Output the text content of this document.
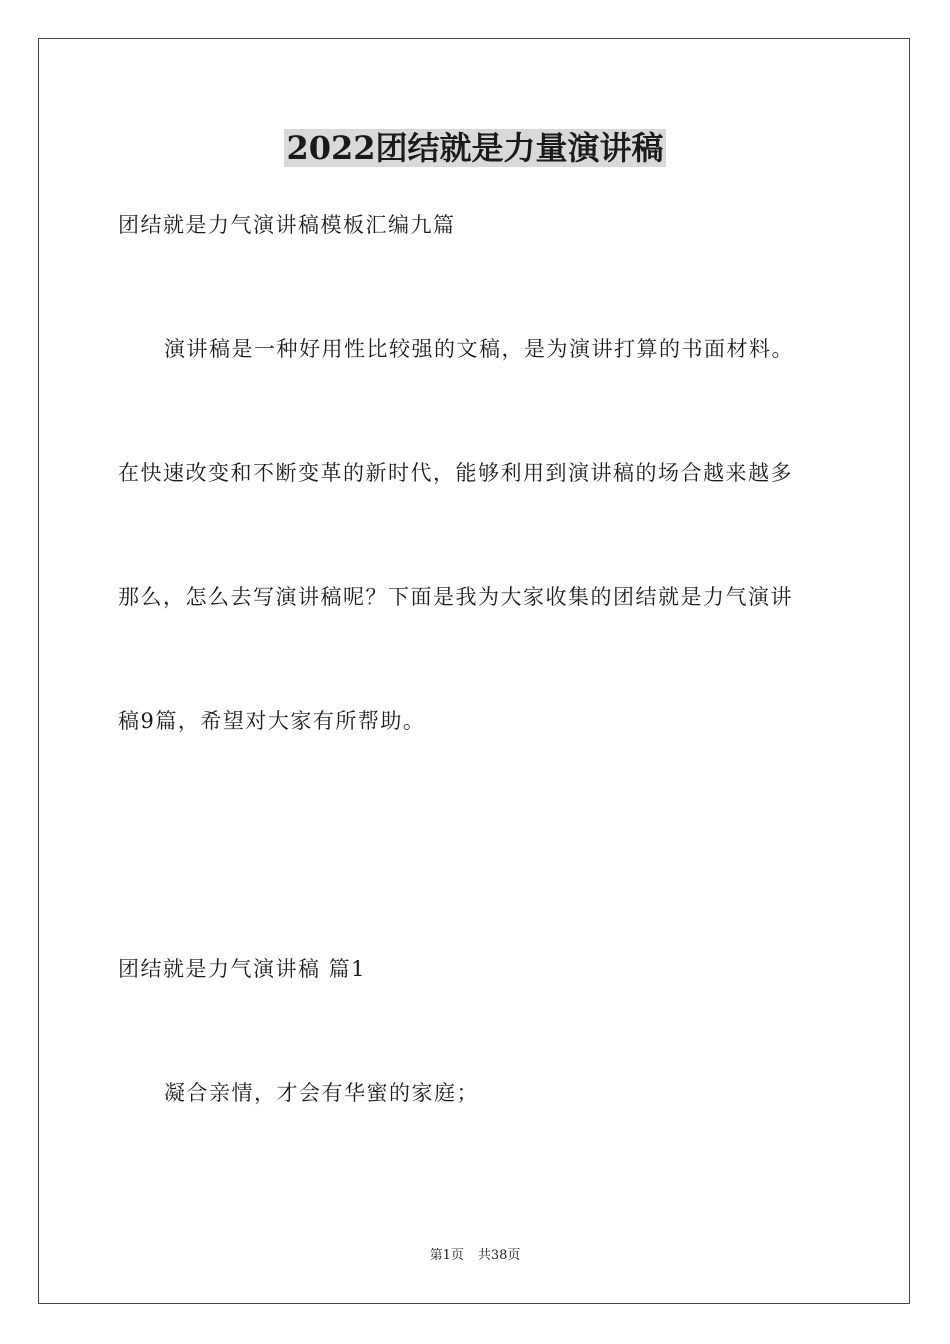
2022团结就是力量演讲稿
团结就是力气演讲稿模板汇编九篇
演讲稿是一种好用性比较强的文稿，是为演讲打算的书面材料。
在快速改变和不断变革的新时代，能够利用到演讲稿的场合越来越多
那么，怎么去写演讲稿呢？下面是我为大家收集的团结就是力气演讲
稿9篇，希望对大家有所帮助。
团结就是力气演讲稿 篇1
凝合亲情，才会有华蜜的家庭；
第1页 共38页
